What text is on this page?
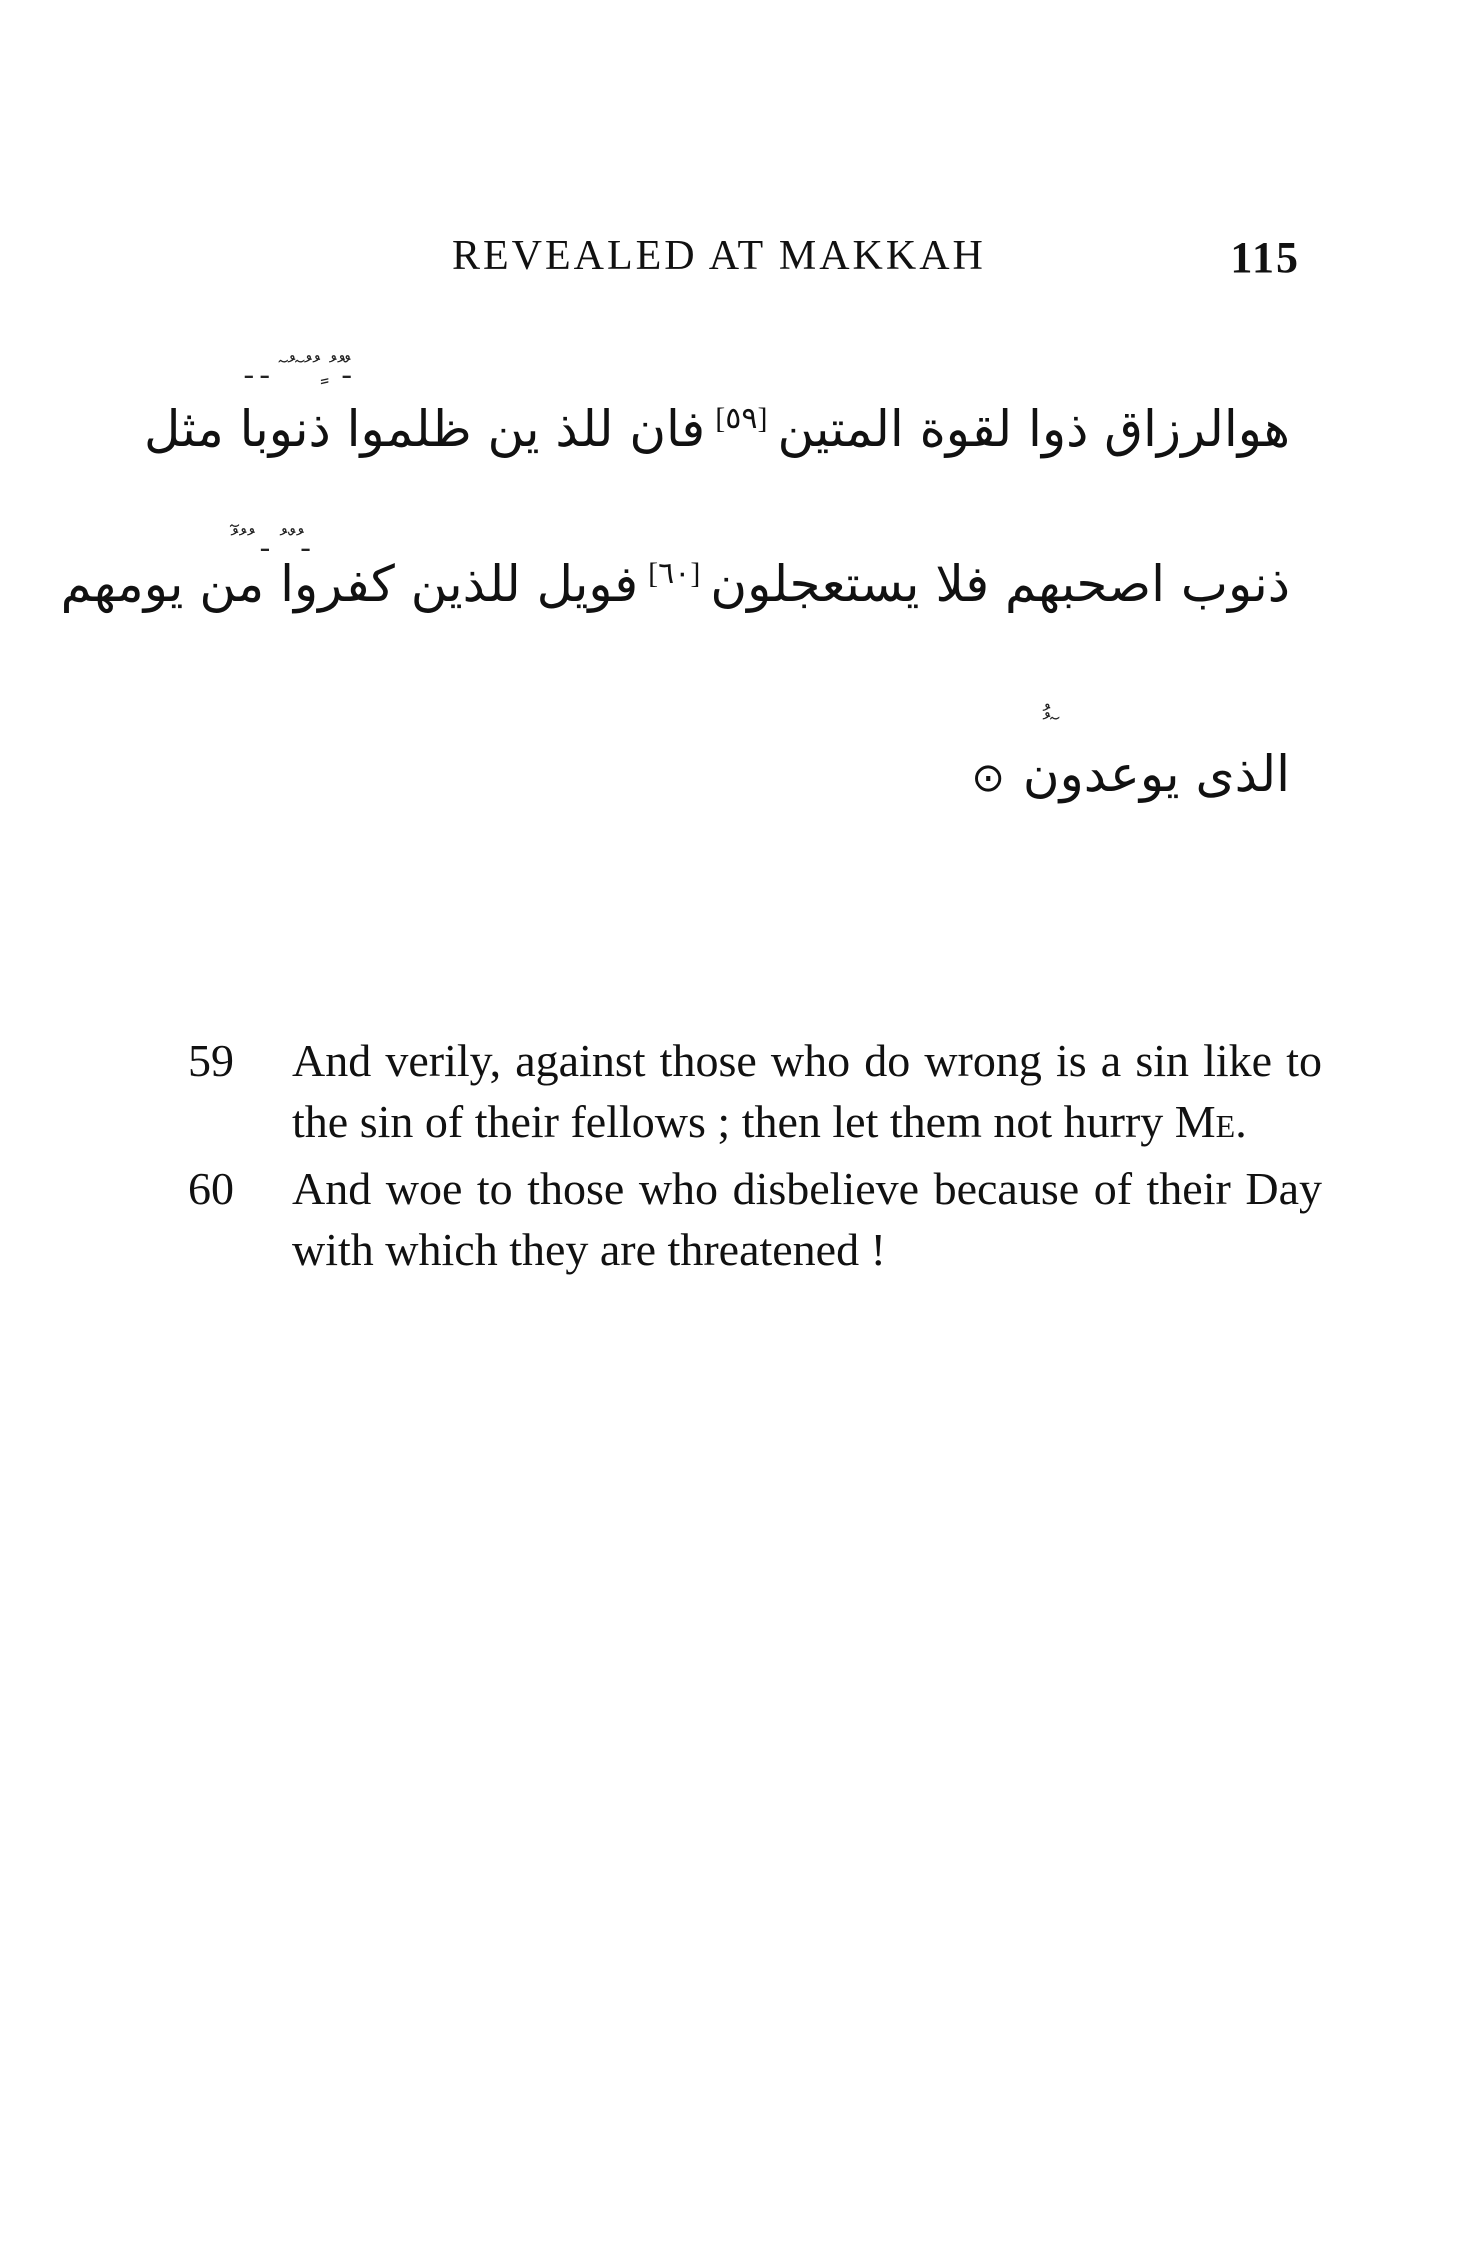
REVEALED AT MAKKAH	115
ـ‌ٌ ُ ُ ٍ ُ ُ ٓ ُ ٓ ـ ـ
هوالرزاق ذوا لقوة المتين[٥٩]فان للذ ين ظلموا ذنوبا مثل
ُ ٓ ُ ُ ـ ُ ٌ ُ ـ
ذنوب اصحبهم فلا يستعجلون[٦٠]فويل للذين كفروا من يومهم
ُ ُ ٓ
الذى يوعدون⊙
59 And verily, against those who do wrong is a sin like to the sin of their fellows ; then let them not hurry Me.
60 And woe to those who disbelieve because of their Day with which they are threatened !
